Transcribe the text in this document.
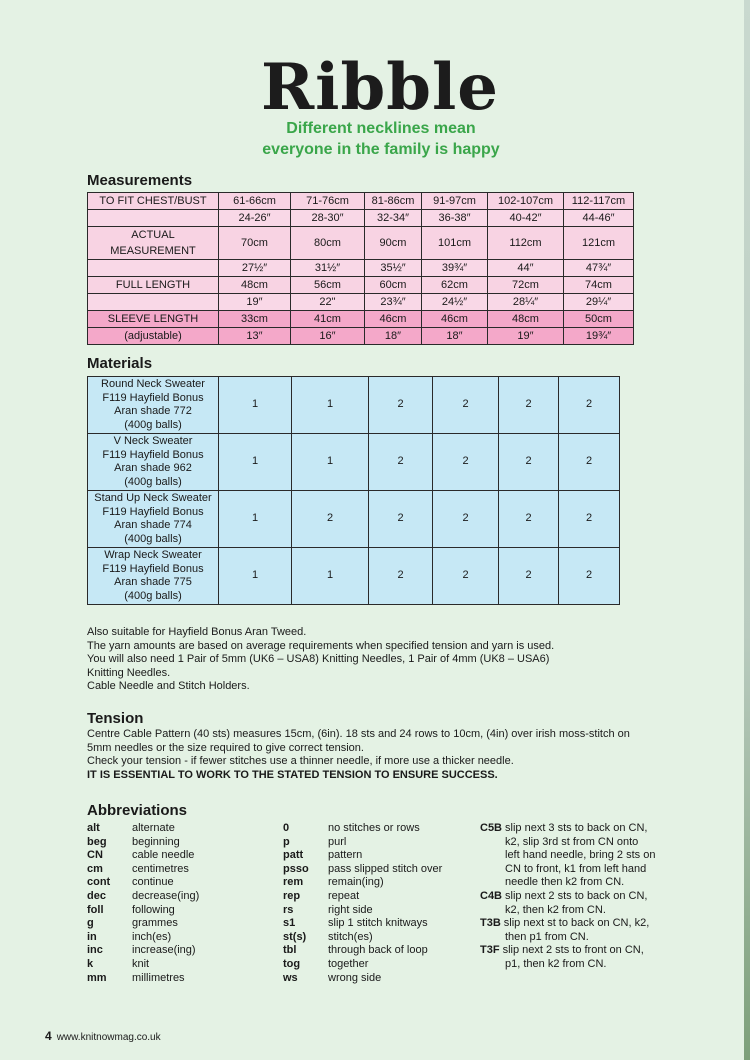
Ribble
Different necklines mean
everyone in the family is happy
Measurements
TO FIT CHEST/BUST	61-66cm	71-76cm	81-86cm	91-97cm	102-107cm	112-117cm
	24-26″	28-30″	32-34″	36-38″	40-42″	44-46″
ACTUAL MEASUREMENT	70cm	80cm	90cm	101cm	112cm	121cm
	27½″	31½″	35½″	39¾″	44″	47¾″
FULL LENGTH	48cm	56cm	60cm	62cm	72cm	74cm
	19″	22"	23¾″	24½″	28¼″	29¼″
SLEEVE LENGTH	33cm	41cm	46cm	46cm	48cm	50cm
(adjustable)	13″	16″	18″	18″	19″	19¾″
Materials
Round Neck Sweater
F119 Hayfield Bonus
Aran shade 772
(400g balls)	1	1	2	2	2	2

V Neck Sweater
F119 Hayfield Bonus
Aran shade 962
(400g balls)	1	1	2	2	2	2

Stand Up Neck Sweater
F119 Hayfield Bonus
Aran shade 774
(400g balls)	1	2	2	2	2	2

Wrap Neck Sweater
F119 Hayfield Bonus
Aran shade 775
(400g balls)	1	1	2	2	2	2
Also suitable for Hayfield Bonus Aran Tweed.
The yarn amounts are based on average requirements when specified tension and yarn is used.
You will also need 1 Pair of 5mm (UK6 – USA8) Knitting Needles, 1 Pair of 4mm (UK8 – USA6)
Knitting Needles.
Cable Needle and Stitch Holders.
Tension
Centre Cable Pattern (40 sts) measures 15cm, (6in). 18 sts and 24 rows to 10cm, (4in) over irish moss-stitch on
5mm needles or the size required to give correct tension.
Check your tension - if fewer stitches use a thinner needle, if more use a thicker needle.
IT IS ESSENTIAL TO WORK TO THE STATED TENSION TO ENSURE SUCCESS.
Abbreviations
alt	alternate
beg	beginning
CN	cable needle
cm	centimetres
cont	continue
dec	decrease(ing)
foll	following
g	grammes
in	inch(es)
inc	increase(ing)
k	knit
mm	millimetres
0	no stitches or rows
p	purl
patt	pattern
psso	pass slipped stitch over
rem	remain(ing)
rep	repeat
rs	right side
s1	slip 1 stitch knitways
st(s)	stitch(es)
tbl	through back of loop
tog	together
ws	wrong side
C5B slip next 3 sts to back on CN,
k2, slip 3rd st from CN onto
left hand needle, bring 2 sts on
CN to front, k1 from left hand
needle then k2 from CN.
C4B slip next 2 sts to back on CN,
k2, then k2 from CN.
T3B slip next st to back on CN, k2,
then p1 from CN.
T3F slip next 2 sts to front on CN,
p1, then k2 from CN.
4 www.knitnowmag.co.uk
